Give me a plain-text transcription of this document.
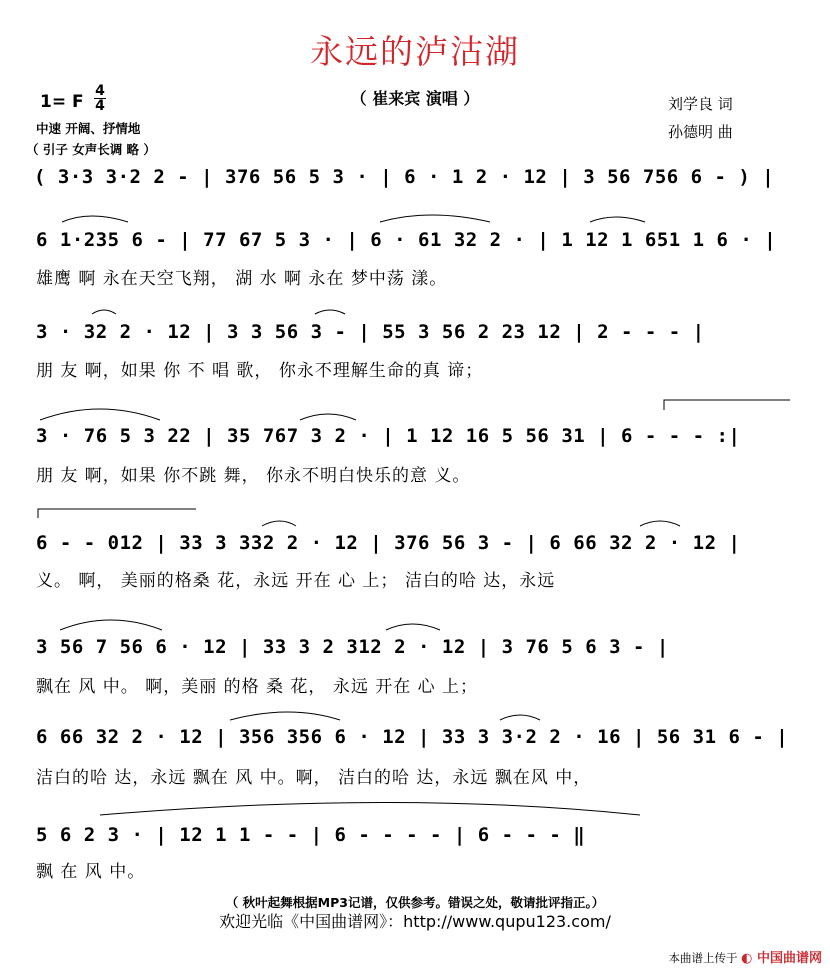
永远的泸沽湖
（ 崔来宾 演唱 ）
1= F
4
4
中速 开阔、抒情地
（ 引子 女声长调 略 ）
刘学良 词
孙德明 曲
( 3·3 3·2 2 - | 376 56 5 3 · | 6 · 1 2 · 12 | 3 56 756 6 - ) |
6 1·235 6 - | 77 67 5 3 · | 6 · 61 32 2 · | 1 12 1 651 1 6 · |
雄鹰 啊 永在天空飞翔， 湖 水 啊 永在 梦中荡 漾。
3 · 32 2 · 12 | 3 3 56 3 - | 55 3 56 2 23 12 | 2 - - - |
朋 友 啊，如果 你 不 唱 歌， 你永不理解生命的真 谛；
3 · 76 5 3 22 | 35 767 3 2 · | 1 12 16 5 56 31 | 6 - - - :|
朋 友 啊，如果 你不跳 舞， 你永不明白快乐的意 义。
6 - - 012 | 33 3 332 2 · 12 | 376 56 3 - | 6 66 32 2 · 12 |
义。 啊， 美丽的格桑 花，永远 开在 心 上； 洁白的哈 达，永远
3 56 7 56 6 · 12 | 33 3 2 312 2 · 12 | 3 76 5 6 3 - |
飘在 风 中。 啊，美丽 的格 桑 花， 永远 开在 心 上；
6 66 32 2 · 12 | 356 356 6 · 12 | 33 3 3·2 2 · 16 | 56 31 6 - |
洁白的哈 达，永远 飘在 风 中。啊， 洁白的哈 达，永远 飘在风 中，
5 6 2 3 · | 12 1 1 - - | 6 - - - - | 6 - - - ‖
飘 在 风 中。
（ 秋叶起舞根据MP3记谱，仅供参考。错误之处，敬请批评指正。）
欢迎光临《中国曲谱网》：http://www.qupu123.com/
本曲谱上传于 ◐ 中国曲谱网
